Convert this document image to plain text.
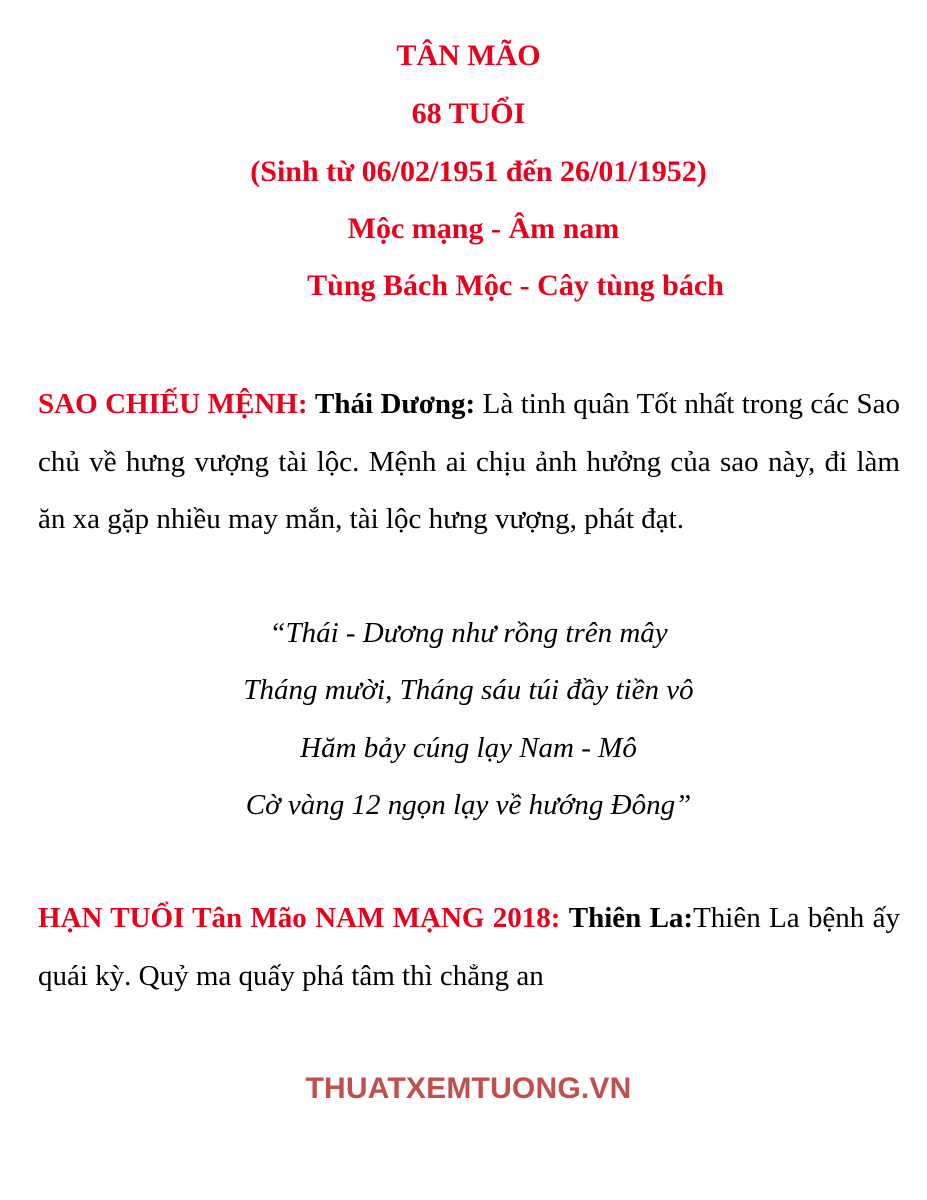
TÂN MÃO
68 TUỔI
(Sinh từ 06/02/1951 đến 26/01/1952)
Mộc mạng - Âm nam
Tùng Bách Mộc - Cây tùng bách
SAO CHIẾU MỆNH: Thái Dương: Là tinh quân Tốt nhất trong các Sao chủ về hưng vượng tài lộc. Mệnh ai chịu ảnh hưởng của sao này, đi làm ăn xa gặp nhiều may mắn, tài lộc hưng vượng, phát đạt.
“Thái - Dương như rồng trên mây
Tháng mười, Tháng sáu túi đầy tiền vô
Hăm bảy cúng lạy Nam - Mô
Cờ vàng 12 ngọn lạy về hướng Đông”
HẠN TUỔI Tân Mão NAM MẠNG 2018: Thiên La:Thiên La bệnh ấy quái kỳ. Quỷ ma quấy phá tâm thì chẳng an
THUATXEMTUONG.VN
